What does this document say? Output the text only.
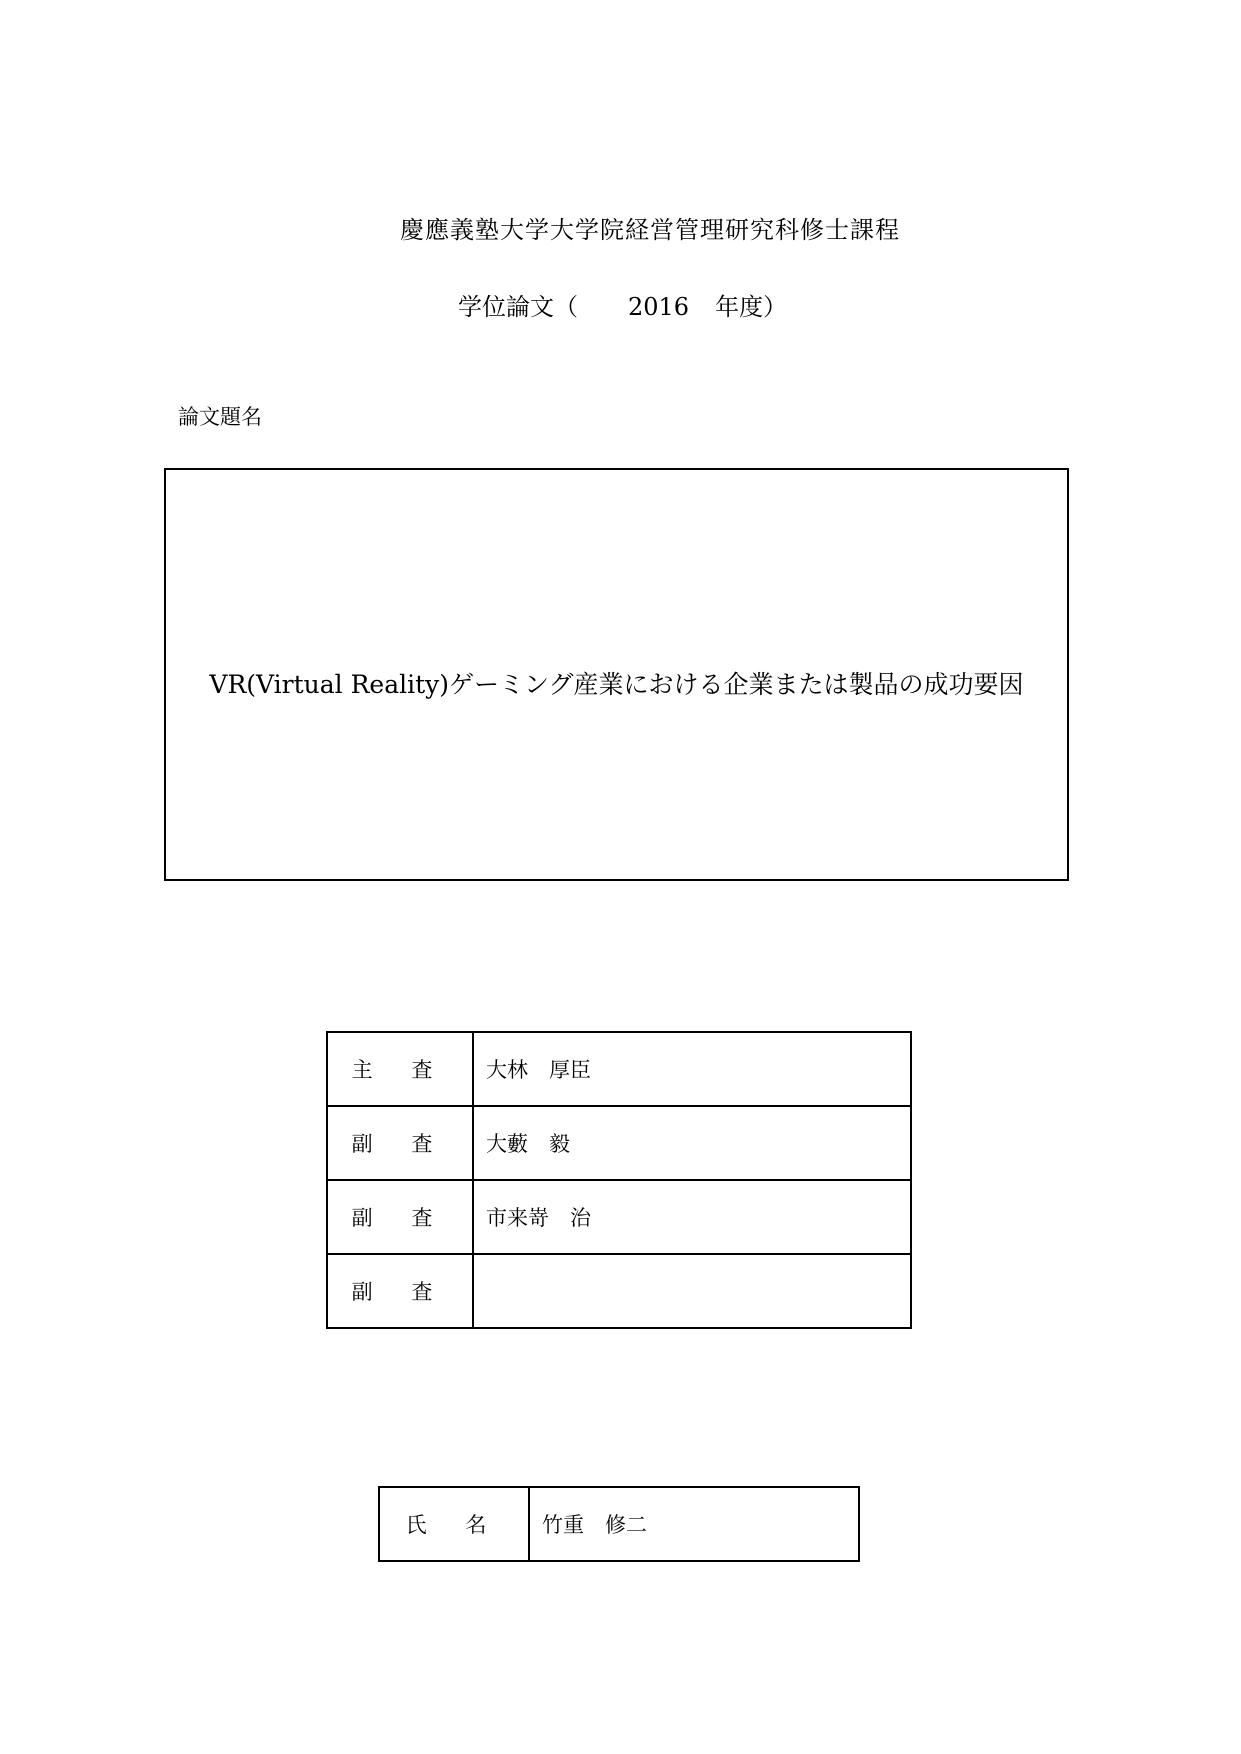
慶應義塾大学大学院経営管理研究科修士課程
学位論文（ 2016 年度）
論文題名
VR(Virtual Reality)ゲーミング産業における企業または製品の成功要因
主 査	大林　厚臣
副 査	大藪　毅
副 査	市来嵜　治
副 査	
氏 名	竹重　修二
